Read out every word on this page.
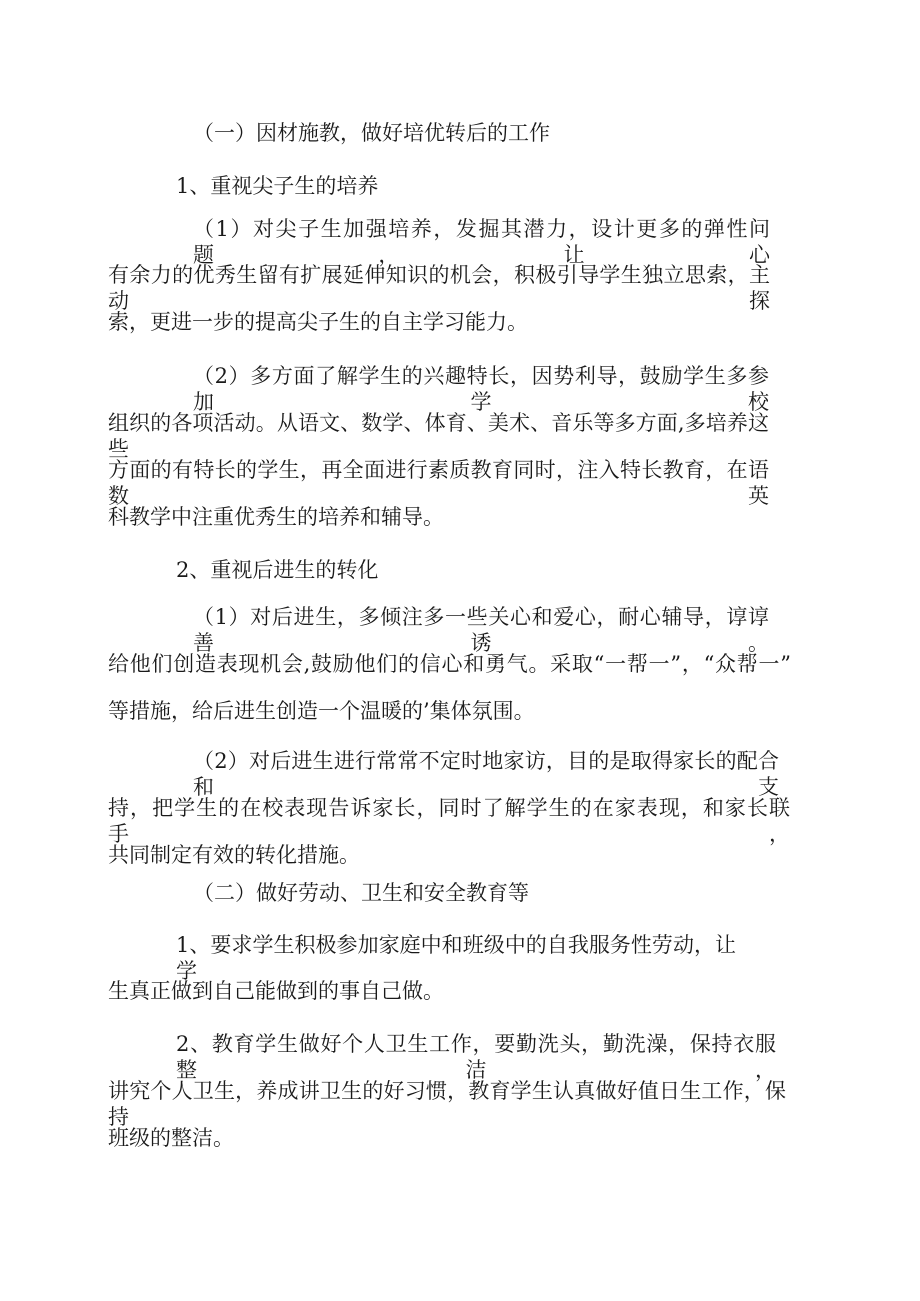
（一）因材施教，做好培优转后的工作
1、重视尖子生的培养
（1）对尖子生加强培养，发掘其潜力，设计更多的弹性问题，让心
有余力的优秀生留有扩展延伸知识的机会，积极引导学生独立思索，主动探
索，更进一步的提高尖子生的自主学习能力。
（2）多方面了解学生的兴趣特长，因势利导，鼓励学生多参加学校
组织的各项活动。从语文、数学、体育、美术、音乐等多方面,多培养这些
方面的有特长的学生，再全面进行素质教育同时，注入特长教育，在语数英
科教学中注重优秀生的培养和辅导。
2、重视后进生的转化
（1）对后进生，多倾注多一些关心和爱心，耐心辅导，谆谆善诱。
给他们创造表现机会,鼓励他们的信心和勇气。采取“一帮一”，“众帮一”
等措施，给后进生创造一个温暖的’集体氛围。
（2）对后进生进行常常不定时地家访，目的是取得家长的配合和支
持，把学生的在校表现告诉家长，同时了解学生的在家表现，和家长联手，
共同制定有效的转化措施。
（二）做好劳动、卫生和安全教育等
1、要求学生积极参加家庭中和班级中的自我服务性劳动，让学
生真正做到自己能做到的事自己做。
2、教育学生做好个人卫生工作，要勤洗头，勤洗澡，保持衣服整洁，
讲究个人卫生，养成讲卫生的好习惯，教育学生认真做好值日生工作，保持
班级的整洁。
